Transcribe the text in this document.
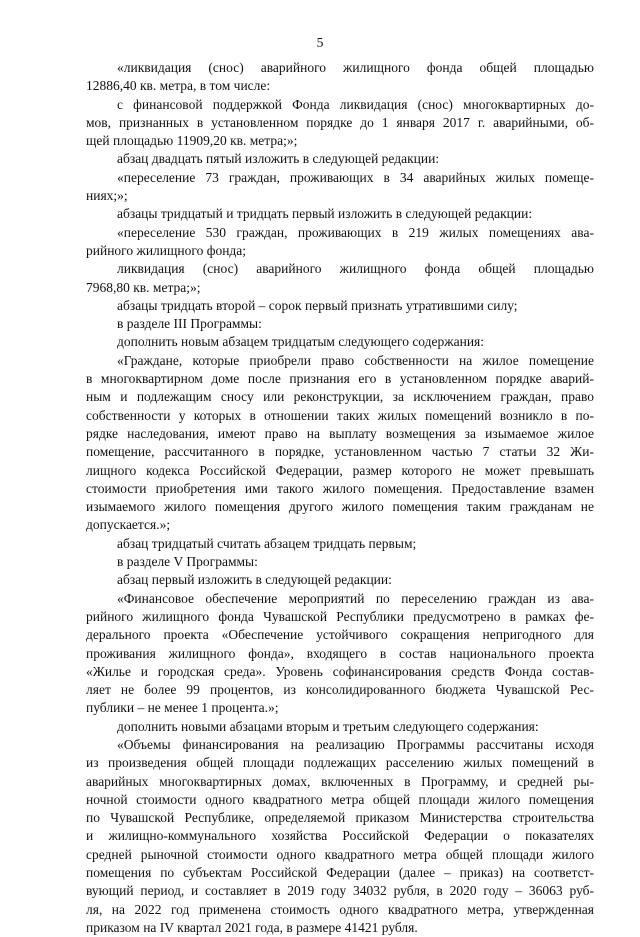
5
«ликвидация (снос) аварийного жилищного фонда общей площадью
12886,40 кв. метра, в том числе:
с финансовой поддержкой Фонда ликвидация (снос) многоквартирных до-
мов, признанных в установленном порядке до 1 января 2017 г. аварийными, об-
щей площадью 11909,20 кв. метра;»;
абзац двадцать пятый изложить в следующей редакции:
«переселение 73 граждан, проживающих в 34 аварийных жилых помеще-
ниях;»;
абзацы тридцатый и тридцать первый изложить в следующей редакции:
«переселение 530 граждан, проживающих в 219 жилых помещениях ава-
рийного жилищного фонда;
ликвидация (снос) аварийного жилищного фонда общей площадью
7968,80 кв. метра;»;
абзацы тридцать второй – сорок первый признать утратившими силу;
в разделе III Программы:
дополнить новым абзацем тридцатым следующего содержания:
«Граждане, которые приобрели право собственности на жилое помещение
в многоквартирном доме после признания его в установленном порядке аварий-
ным и подлежащим сносу или реконструкции, за исключением граждан, право
собственности у которых в отношении таких жилых помещений возникло в по-
рядке наследования, имеют право на выплату возмещения за изымаемое жилое
помещение, рассчитанного в порядке, установленном частью 7 статьи 32 Жи-
лищного кодекса Российской Федерации, размер которого не может превышать
стоимости приобретения ими такого жилого помещения. Предоставление взамен
изымаемого жилого помещения другого жилого помещения таким гражданам не
допускается.»;
абзац тридцатый считать абзацем тридцать первым;
в разделе V Программы:
абзац первый изложить в следующей редакции:
«Финансовое обеспечение мероприятий по переселению граждан из ава-
рийного жилищного фонда Чувашской Республики предусмотрено в рамках фе-
дерального проекта «Обеспечение устойчивого сокращения непригодного для
проживания жилищного фонда», входящего в состав национального проекта
«Жилье и городская среда». Уровень софинансирования средств Фонда состав-
ляет не более 99 процентов, из консолидированного бюджета Чувашской Рес-
публики – не менее 1 процента.»;
дополнить новыми абзацами вторым и третьим следующего содержания:
«Объемы финансирования на реализацию Программы рассчитаны исходя
из произведения общей площади подлежащих расселению жилых помещений в
аварийных многоквартирных домах, включенных в Программу, и средней ры-
ночной стоимости одного квадратного метра общей площади жилого помещения
по Чувашской Республике, определяемой приказом Министерства строительства
и жилищно-коммунального хозяйства Российской Федерации о показателях
средней рыночной стоимости одного квадратного метра общей площади жилого
помещения по субъектам Российской Федерации (далее – приказ) на соответст-
вующий период, и составляет в 2019 году 34032 рубля, в 2020 году – 36063 руб-
ля, на 2022 год применена стоимость одного квадратного метра, утвержденная
приказом на IV квартал 2021 года, в размере 41421 рубля.
